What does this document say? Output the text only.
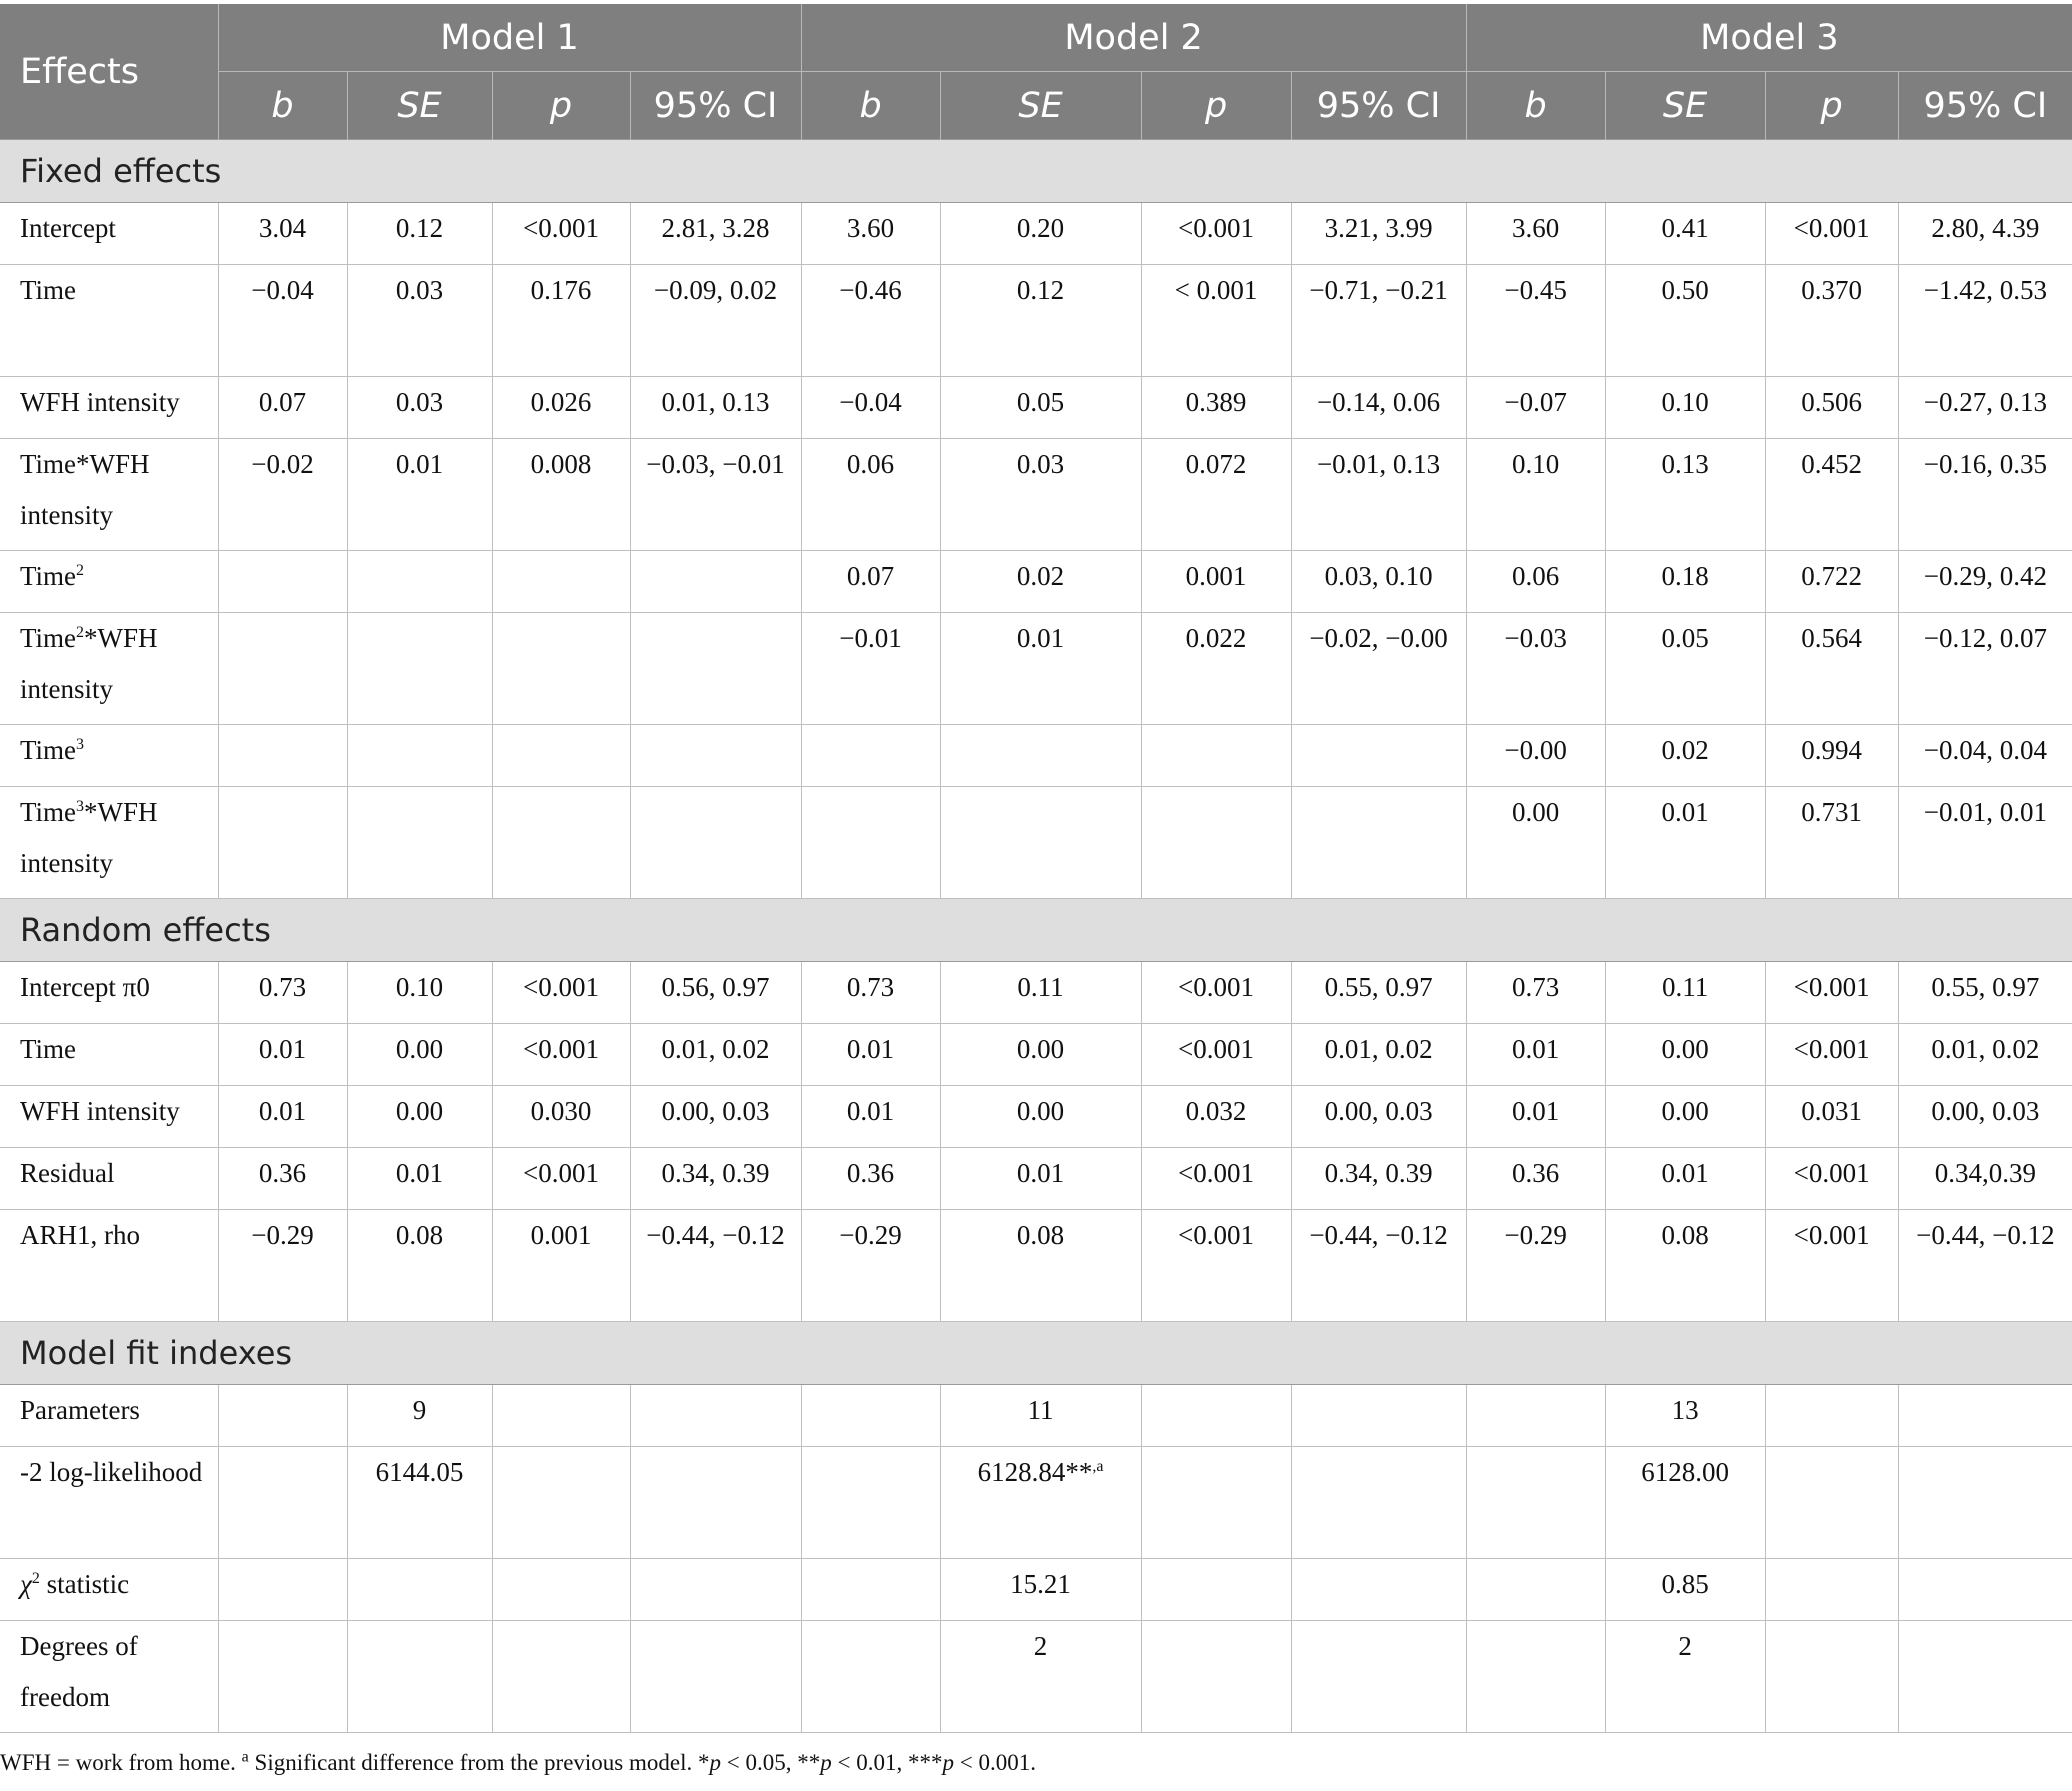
Effects	Model 1				Model 2				Model 3			
	b	SE	p	95% CI	b	SE	p	95% CI	b	SE	p	95% CI
Fixed effects												
Intercept	3.04	0.12	<0.001	2.81, 3.28	3.60	0.20	<0.001	3.21, 3.99	3.60	0.41	<0.001	2.80, 4.39
Time	−0.04	0.03	0.176	−0.09, 0.02	−0.46	0.12	< 0.001	−0.71, −0.21	−0.45	0.50	0.370	−1.42, 0.53
WFH intensity	0.07	0.03	0.026	0.01, 0.13	−0.04	0.05	0.389	−0.14, 0.06	−0.07	0.10	0.506	−0.27, 0.13
Time*WFH intensity	−0.02	0.01	0.008	−0.03, −0.01	0.06	0.03	0.072	−0.01, 0.13	0.10	0.13	0.452	−0.16, 0.35
Time$^2$					0.07	0.02	0.001	0.03, 0.10	0.06	0.18	0.722	−0.29, 0.42
Time$^2$*WFH intensity					−0.01	0.01	0.022	−0.02, −0.00	−0.03	0.05	0.564	−0.12, 0.07
Time$^3$									−0.00	0.02	0.994	−0.04, 0.04
Time$^3$*WFH intensity									0.00	0.01	0.731	−0.01, 0.01
Random effects												
Intercept π0	0.73	0.10	<0.001	0.56, 0.97	0.73	0.11	<0.001	0.55, 0.97	0.73	0.11	<0.001	0.55, 0.97
Time	0.01	0.00	<0.001	0.01, 0.02	0.01	0.00	<0.001	0.01, 0.02	0.01	0.00	<0.001	0.01, 0.02
WFH intensity	0.01	0.00	0.030	0.00, 0.03	0.01	0.00	0.032	0.00, 0.03	0.01	0.00	0.031	0.00, 0.03
Residual	0.36	0.01	<0.001	0.34, 0.39	0.36	0.01	<0.001	0.34, 0.39	0.36	0.01	<0.001	0.34,0.39
ARH1, rho	−0.29	0.08	0.001	−0.44, −0.12	−0.29	0.08	<0.001	−0.44, −0.12	−0.29	0.08	<0.001	−0.44, −0.12
Model fit indexes												
Parameters		9				11				13		
-2 log-likelihood		6144.05				6128.84**$^{,a}$				6128.00		
$\chi^2$ statistic						15.21				0.85		
Degrees of freedom						2				2		
WFH = work from home. $^a$ Significant difference from the previous model. *p < 0.05, **p < 0.01, ***p < 0.001.
